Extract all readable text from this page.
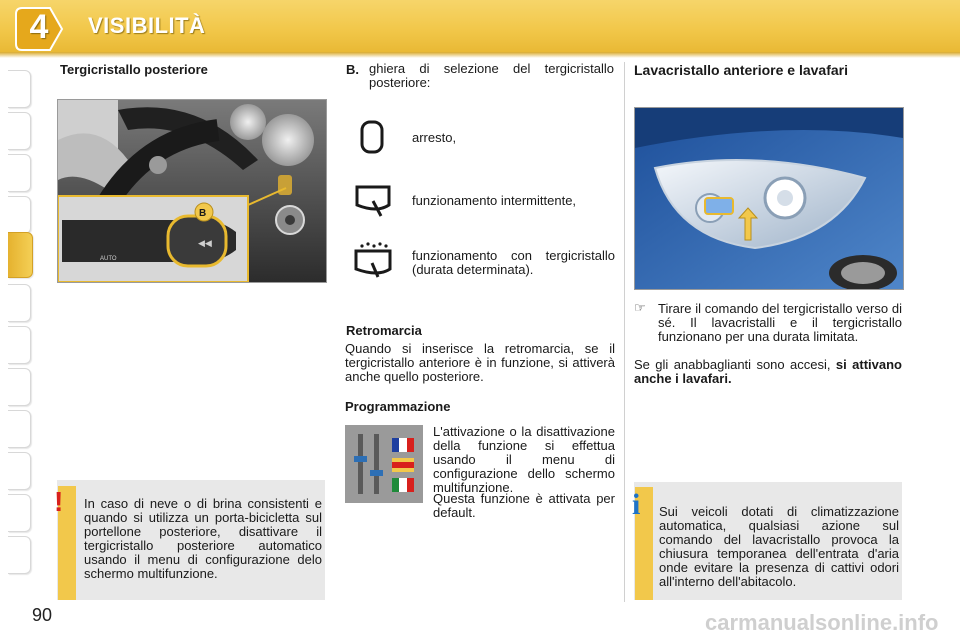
4	VISIBILITÀ
Tergicristallo posteriore
◀◀
AUTO
B
! In caso di neve o di brina consistenti e quando si utilizza un porta-bicicletta sul portellone posteriore, disattivare il tergicristallo posteriore automatico usando il menu di configurazione delo schermo multifunzione.
B. ghiera di selezione del tergicristallo posteriore:
arresto,
funzionamento intermittente,
funzionamento con tergicristallo (durata determinata).
Retromarcia
Quando si inserisce la retromarcia, se il tergicristallo anteriore è in funzione, si attiverà anche quello posteriore.
Programmazione
L'attivazione o la disattivazione della funzione si effettua usando il menu di configurazione dello schermo multifunzione.
Questa funzione è attivata per default.
Lavacristallo anteriore e lavafari
☞ Tirare il comando del tergicristallo verso di sé. Il lavacristalli e il tergicristallo funzionano per una durata limitata.
Se gli anabbaglianti sono accesi, si attivano anche i lavafari.
i Sui veicoli dotati di climatizzazione automatica, qualsiasi azione sul comando del lavacristallo provoca la chiusura temporanea dell'entrata d'aria onde evitare la presenza di cattivi odori all'interno dell'abitacolo.
90	carmanualsonline.info
